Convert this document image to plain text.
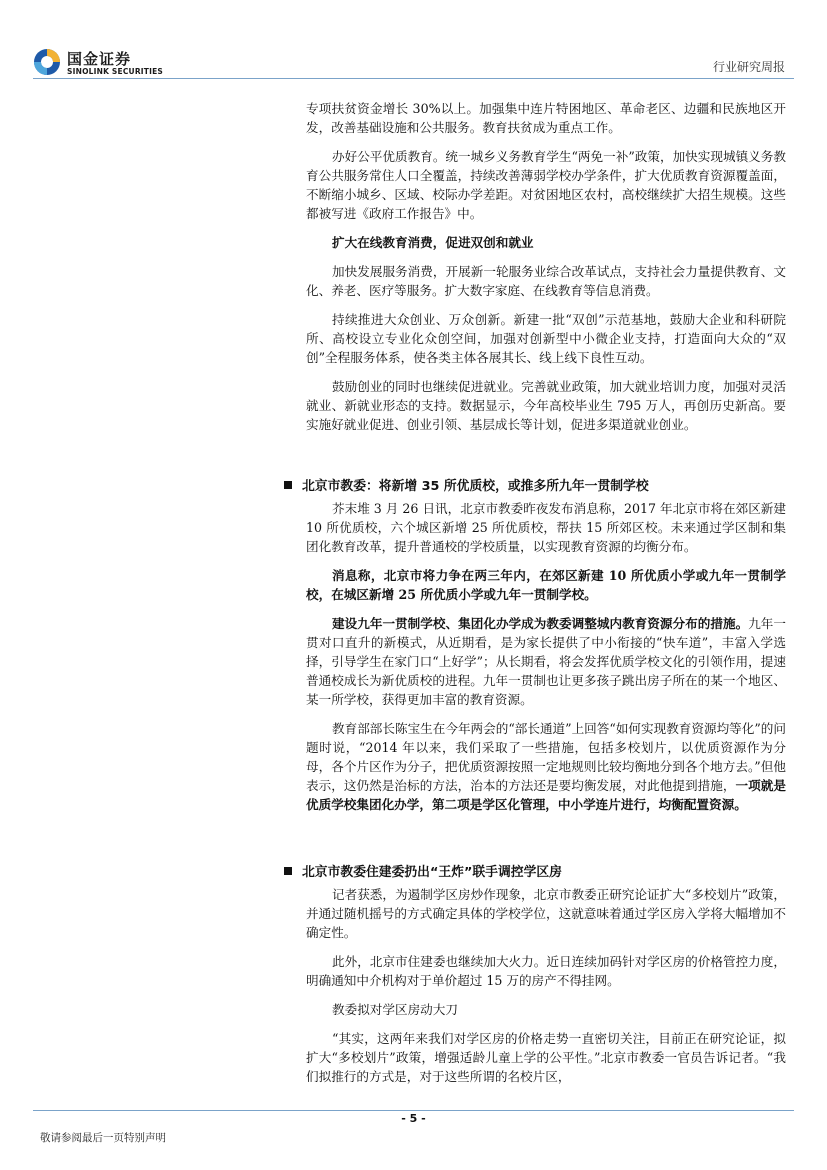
国金证券
SINOLINK SECURITIES	行业研究周报

专项扶贫资金增长 30%以上。加强集中连片特困地区、革命老区、边疆和民族地区开发，改善基础设施和公共服务。教育扶贫成为重点工作。

办好公平优质教育。统一城乡义务教育学生“两免一补”政策，加快实现城镇义务教育公共服务常住人口全覆盖，持续改善薄弱学校办学条件，扩大优质教育资源覆盖面，不断缩小城乡、区域、校际办学差距。对贫困地区农村，高校继续扩大招生规模。这些都被写进《政府工作报告》中。

扩大在线教育消费，促进双创和就业

加快发展服务消费，开展新一轮服务业综合改革试点，支持社会力量提供教育、文化、养老、医疗等服务。扩大数字家庭、在线教育等信息消费。

持续推进大众创业、万众创新。新建一批“双创”示范基地，鼓励大企业和科研院所、高校设立专业化众创空间，加强对创新型中小微企业支持，打造面向大众的“双创”全程服务体系，使各类主体各展其长、线上线下良性互动。

鼓励创业的同时也继续促进就业。完善就业政策，加大就业培训力度，加强对灵活就业、新就业形态的支持。数据显示，今年高校毕业生 795 万人，再创历史新高。要实施好就业促进、创业引领、基层成长等计划，促进多渠道就业创业。

北京市教委：将新增 35 所优质校，或推多所九年一贯制学校

芥末堆 3 月 26 日讯，北京市教委昨夜发布消息称，2017 年北京市将在郊区新建 10 所优质校，六个城区新增 25 所优质校，帮扶 15 所郊区校。未来通过学区制和集团化教育改革，提升普通校的学校质量，以实现教育资源的均衡分布。

消息称，北京市将力争在两三年内，在郊区新建 10 所优质小学或九年一贯制学校，在城区新增 25 所优质小学或九年一贯制学校。

建设九年一贯制学校、集团化办学成为教委调整城内教育资源分布的措施。九年一贯对口直升的新模式，从近期看，是为家长提供了中小衔接的“快车道”，丰富入学选择，引导学生在家门口“上好学”；从长期看，将会发挥优质学校文化的引领作用，提速普通校成长为新优质校的进程。九年一贯制也让更多孩子跳出房子所在的某一个地区、某一所学校，获得更加丰富的教育资源。

教育部部长陈宝生在今年两会的“部长通道”上回答“如何实现教育资源均等化”的问题时说，“2014 年以来，我们采取了一些措施，包括多校划片，以优质资源作为分母，各个片区作为分子，把优质资源按照一定地规则比较均衡地分到各个地方去。”但他表示，这仍然是治标的方法，治本的方法还是要均衡发展，对此他提到措施，一项就是优质学校集团化办学，第二项是学区化管理，中小学连片进行，均衡配置资源。

北京市教委住建委扔出“王炸”联手调控学区房

记者获悉，为遏制学区房炒作现象，北京市教委正研究论证扩大“多校划片”政策，并通过随机摇号的方式确定具体的学校学位，这就意味着通过学区房入学将大幅增加不确定性。

此外，北京市住建委也继续加大火力。近日连续加码针对学区房的价格管控力度，明确通知中介机构对于单价超过 15 万的房产不得挂网。

教委拟对学区房动大刀

“其实，这两年来我们对学区房的价格走势一直密切关注，目前正在研究论证，拟扩大“多校划片”政策，增强适龄儿童上学的公平性。”北京市教委一官员告诉记者。“我们拟推行的方式是，对于这些所谓的名校片区，

- 5 -
敬请参阅最后一页特别声明
